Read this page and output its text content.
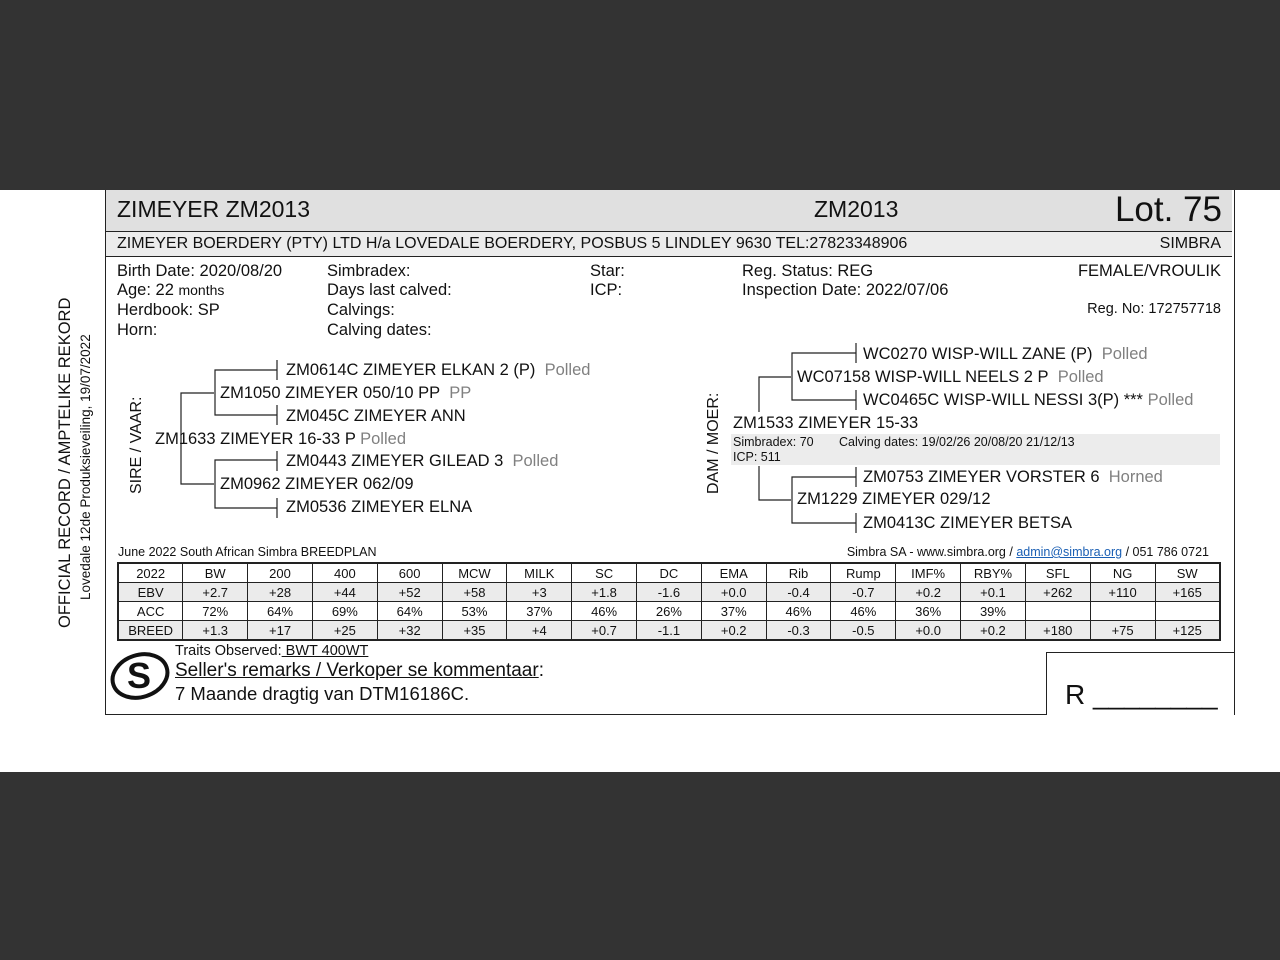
ZIMEYER ZM2013	ZM2013	Lot. 75
ZIMEYER BOERDERY (PTY) LTD H/a LOVEDALE BOERDERY, POSBUS 5 LINDLEY 9630 TEL:27823348906	SIMBRA
Birth Date: 2020/08/20
Age: 22 months
Herdbook: SP
Horn:
Simbradex:
Days last calved:
Calvings:
Calving dates:
Star:
ICP:
Reg. Status: REG
Inspection Date: 2022/07/06
FEMALE/VROULIK
Reg. No: 172757718
OFFICIAL RECORD / AMPTELIKE REKORD Lovedale 12de Produksieveiling, 19/07/2022 SIRE / VAAR:	DAM / MOER:
ZM0614C ZIMEYER ELKAN 2 (P) Polled
ZM1050 ZIMEYER 050/10 PP PP
ZM045C ZIMEYER ANN
ZM1633 ZIMEYER 16-33 P Polled
ZM0443 ZIMEYER GILEAD 3 Polled
ZM0962 ZIMEYER 062/09
ZM0536 ZIMEYER ELNA
WC0270 WISP-WILL ZANE (P) Polled
WC07158 WISP-WILL NEELS 2 P Polled
WC0465C WISP-WILL NESSI 3(P) *** Polled
ZM1533 ZIMEYER 15-33
Simbradex: 70 Calving dates: 19/02/26 20/08/20 21/12/13
ICP: 511
ZM0753 ZIMEYER VORSTER 6 Horned
ZM1229 ZIMEYER 029/12
ZM0413C ZIMEYER BETSA
June 2022 South African Simbra BREEDPLAN	Simbra SA - www.simbra.org / admin@simbra.org / 051 786 0721
2022	BW	200	400	600	MCW	MILK	SC	DC	EMA	Rib	Rump	IMF%	RBY%	SFL	NG	SW
EBV	+2.7	+28	+44	+52	+58	+3	+1.8	-1.6	+0.0	-0.4	-0.7	+0.2	+0.1	+262	+110	+165
ACC	72%	64%	69%	64%	53%	37%	46%	26%	37%	46%	46%	36%	39%			
BREED	+1.3	+17	+25	+32	+35	+4	+0.7	-1.1	+0.2	-0.3	-0.5	+0.0	+0.2	+180	+75	+125
S
Traits Observed: BWT 400WT
Seller's remarks / Verkoper se kommentaar:
7 Maande dragtig van DTM16186C.	R ________
